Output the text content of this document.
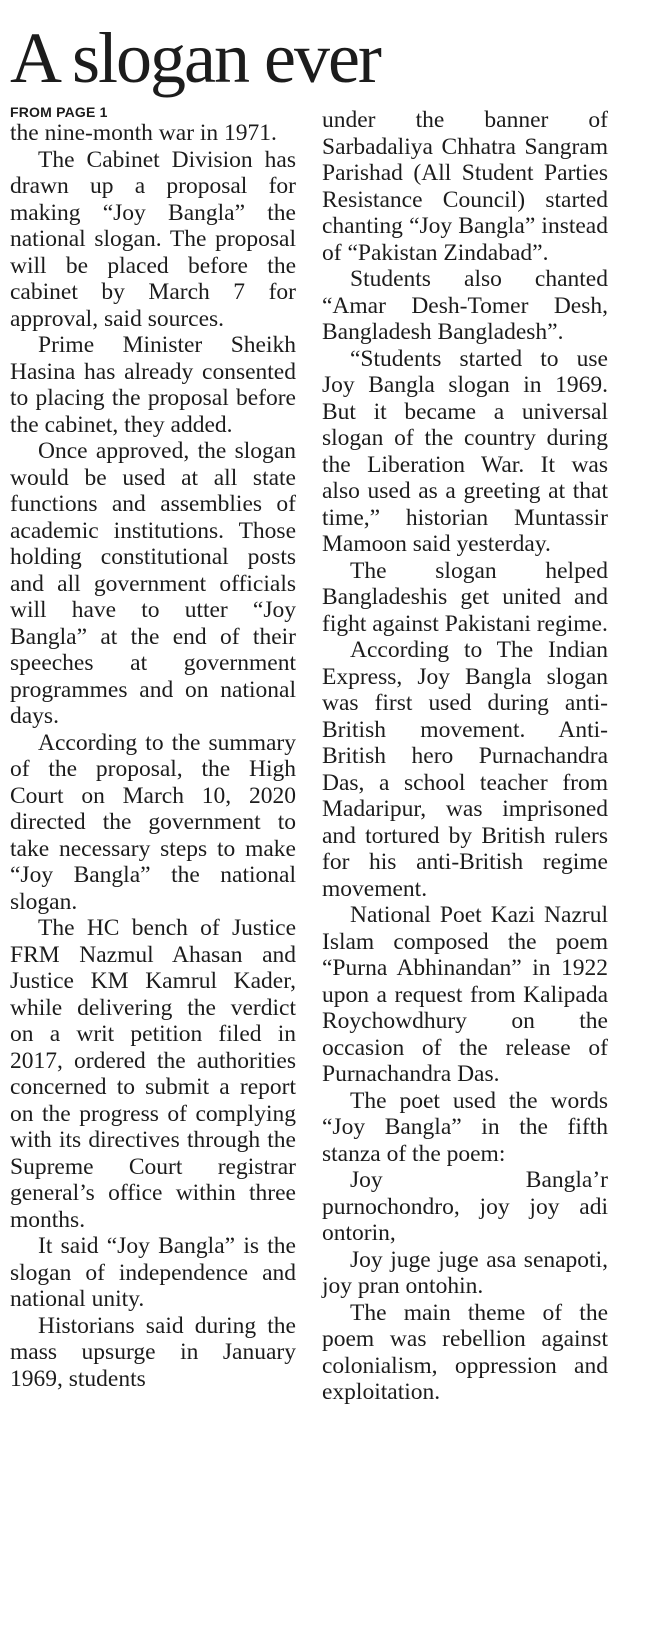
A slogan ever
FROM PAGE 1

the nine-month war in 1971.

The Cabinet Division has drawn up a proposal for making “Joy Bangla” the national slogan. The proposal will be placed before the cabinet by March 7 for approval, said sources.

Prime Minister Sheikh Hasina has already consented to placing the proposal before the cabinet, they added.

Once approved, the slogan would be used at all state functions and assemblies of academic institutions. Those holding constitutional posts and all government officials will have to utter “Joy Bangla” at the end of their speeches at government programmes and on national days.

According to the summary of the proposal, the High Court on March 10, 2020 directed the government to take necessary steps to make “Joy Bangla” the national slogan.

The HC bench of Justice FRM Nazmul Ahasan and Justice KM Kamrul Kader, while delivering the verdict on a writ petition filed in 2017, ordered the authorities concerned to submit a report on the progress of complying with its directives through the Supreme Court registrar general’s office within three months.

It said “Joy Bangla” is the slogan of independence and national unity.

Historians said during the mass upsurge in January 1969, students

under the banner of Sarbadaliya Chhatra Sangram Parishad (All Student Parties Resistance Council) started chanting “Joy Bangla” instead of “Pakistan Zindabad”.

Students also chanted “Amar Desh-Tomer Desh, Bangladesh Bangladesh”.

“Students started to use Joy Bangla slogan in 1969. But it became a universal slogan of the country during the Liberation War. It was also used as a greeting at that time,” historian Muntassir Mamoon said yesterday.

The slogan helped Bangladeshis get united and fight against Pakistani regime.

According to The Indian Express, Joy Bangla slogan was first used during anti-British movement. Anti-British hero Purnachandra Das, a school teacher from Madaripur, was imprisoned and tortured by British rulers for his anti-British regime movement.

National Poet Kazi Nazrul Islam composed the poem “Purna Abhinandan” in 1922 upon a request from Kalipada Roychowdhury on the occasion of the release of Purnachandra Das.

The poet used the words “Joy Bangla” in the fifth stanza of the poem:

Joy Bangla’r purnochondro, joy joy adi ontorin,

Joy juge juge asa senapoti, joy pran ontohin.

The main theme of the poem was rebellion against colonialism, oppression and exploitation.
